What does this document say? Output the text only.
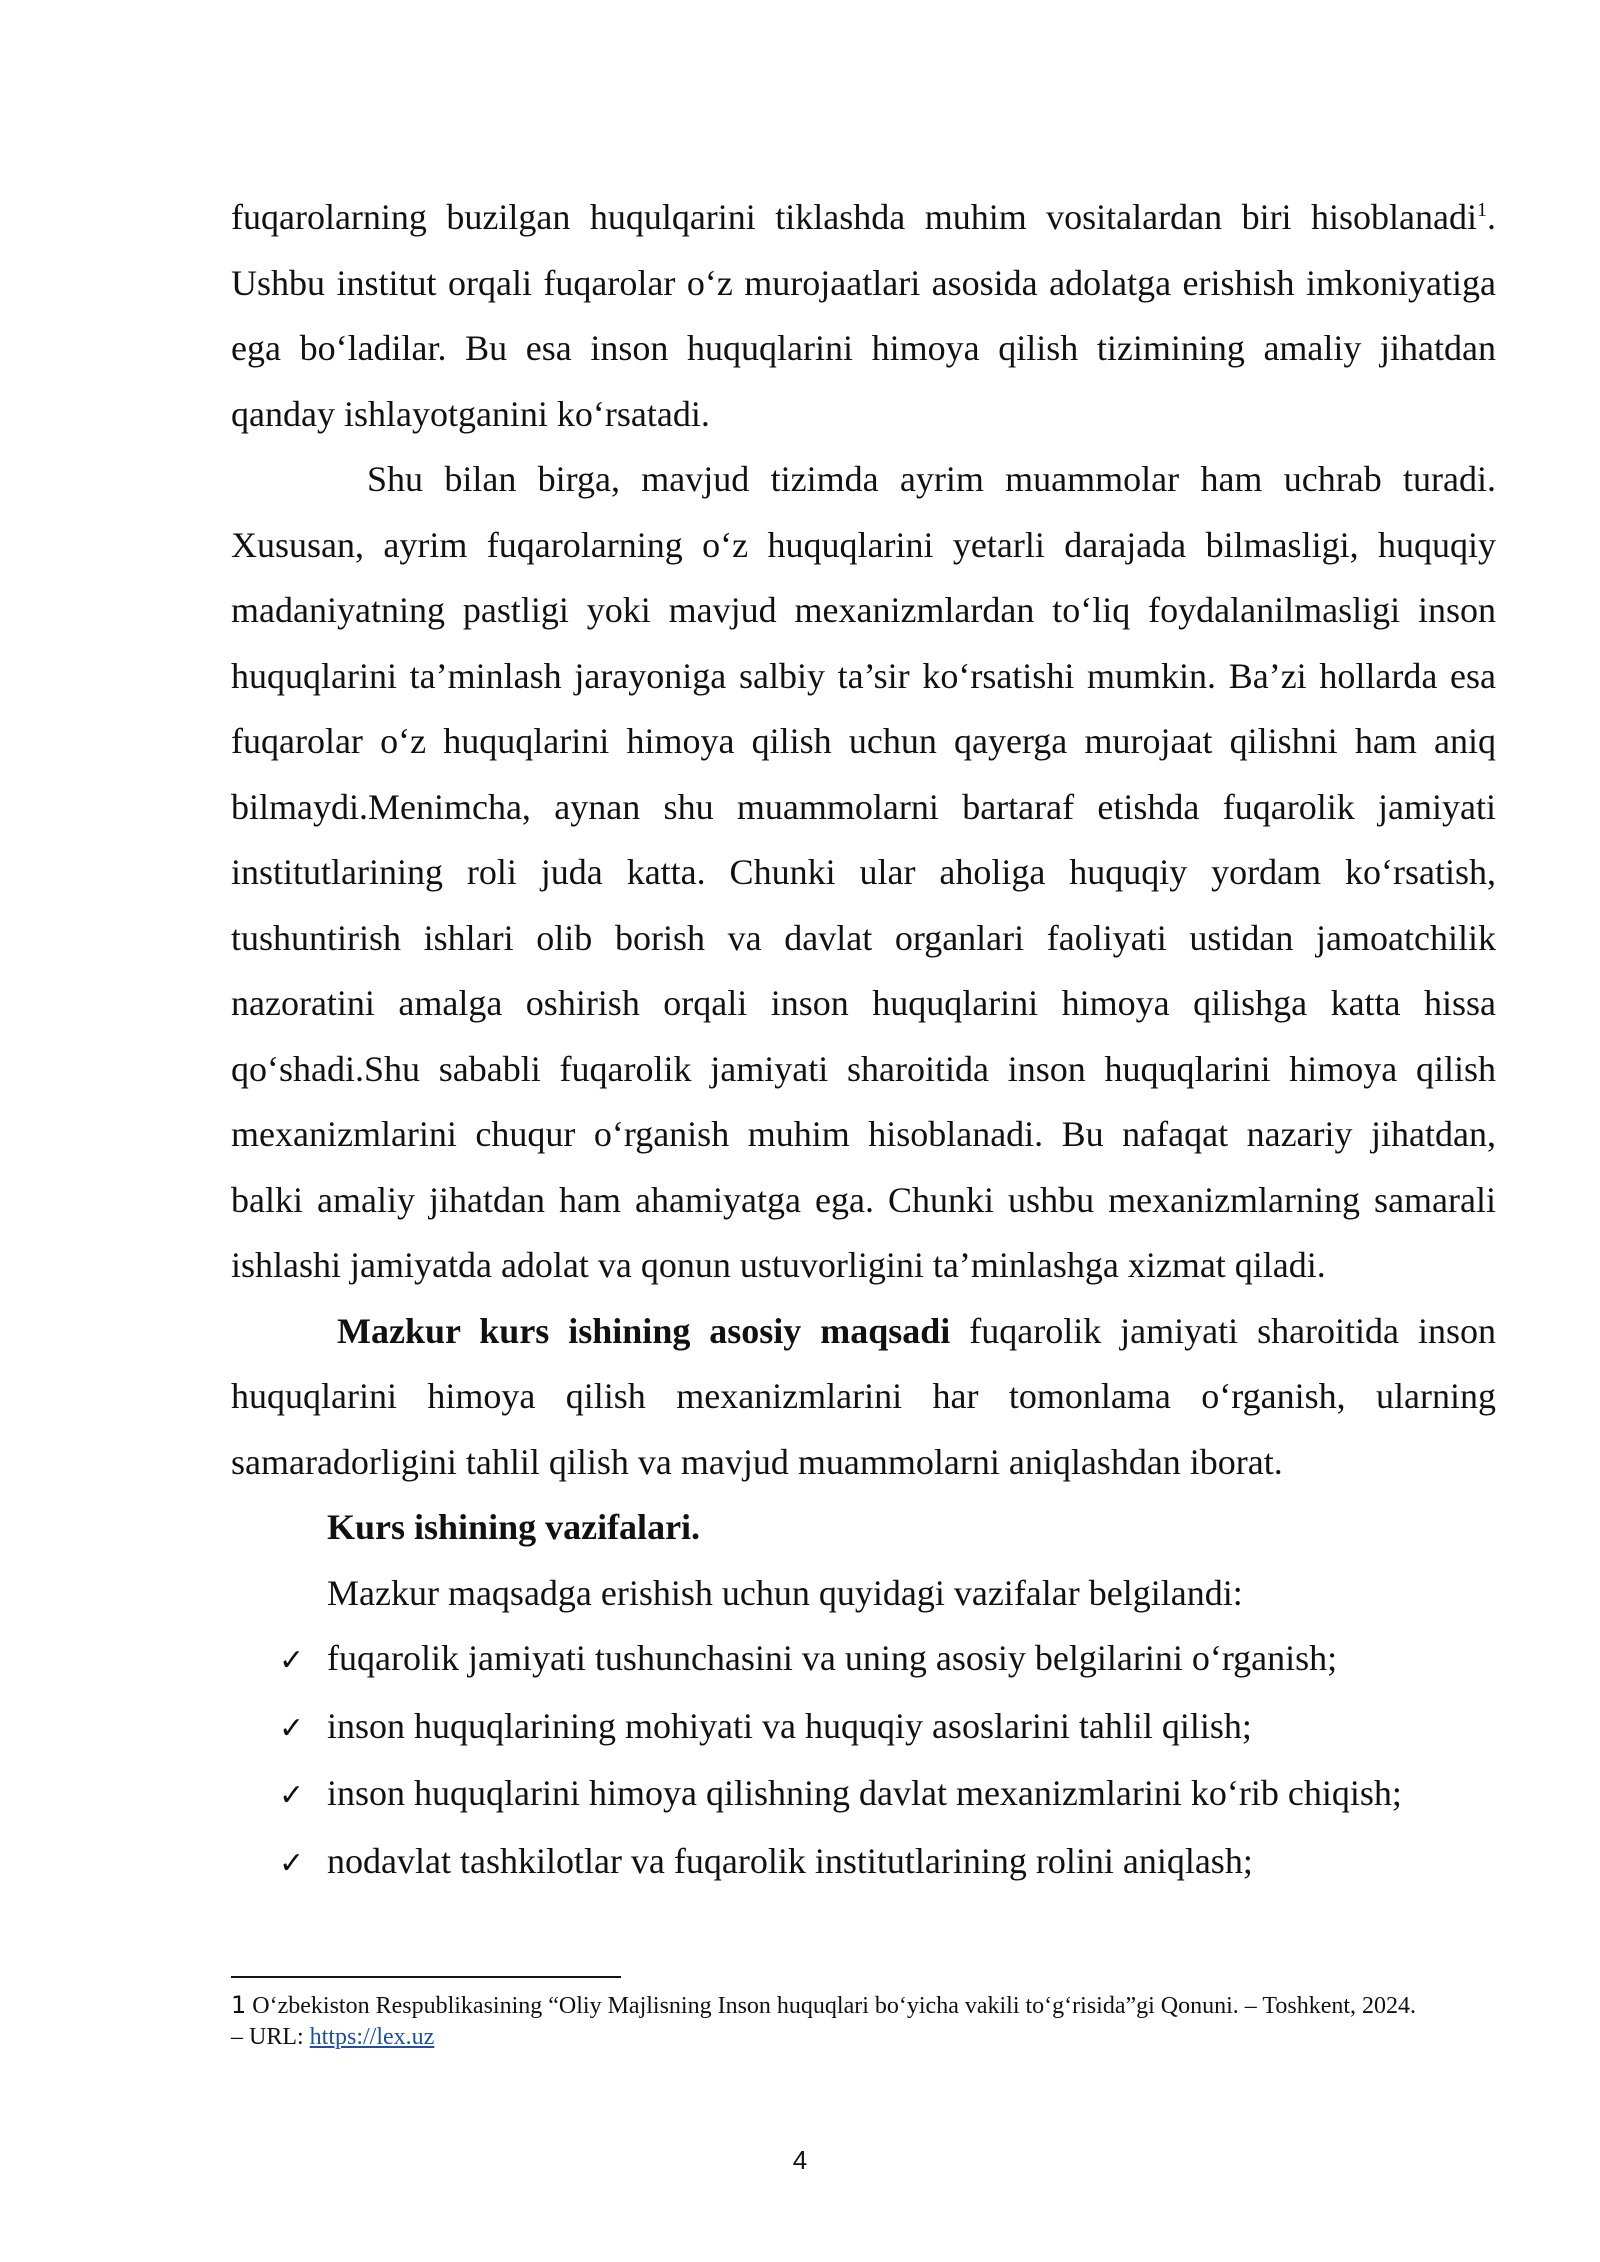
fuqarolarning buzilgan huqulqarini tiklashda muhim vositalardan biri hisoblanadi$^1$. Ushbu institut orqali fuqarolar o‘z murojaatlari asosida adolatga erishish imkoniyatiga ega bo‘ladilar. Bu esa inson huquqlarini himoya qilish tizimining amaliy jihatdan qanday ishlayotganini ko‘rsatadi.

Shu bilan birga, mavjud tizimda ayrim muammolar ham uchrab turadi. Xususan, ayrim fuqarolarning o‘z huquqlarini yetarli darajada bilmasligi, huquqiy madaniyatning pastligi yoki mavjud mexanizmlardan to‘liq foydalanilmasligi inson huquqlarini ta’minlash jarayoniga salbiy ta’sir ko‘rsatishi mumkin. Ba’zi hollarda esa fuqarolar o‘z huquqlarini himoya qilish uchun qayerga murojaat qilishni ham aniq bilmaydi.Menimcha, aynan shu muammolarni bartaraf etishda fuqarolik jamiyati institutlarining roli juda katta. Chunki ular aholiga huquqiy yordam ko‘rsatish, tushuntirish ishlari olib borish va davlat organlari faoliyati ustidan jamoatchilik nazoratini amalga oshirish orqali inson huquqlarini himoya qilishga katta hissa qo‘shadi.Shu sababli fuqarolik jamiyati sharoitida inson huquqlarini himoya qilish mexanizmlarini chuqur o‘rganish muhim hisoblanadi. Bu nafaqat nazariy jihatdan, balki amaliy jihatdan ham ahamiyatga ega. Chunki ushbu mexanizmlarning samarali ishlashi jamiyatda adolat va qonun ustuvorligini ta’minlashga xizmat qiladi.

Mazkur kurs ishining asosiy maqsadi fuqarolik jamiyati sharoitida inson huquqlarini himoya qilish mexanizmlarini har tomonlama o‘rganish, ularning samaradorligini tahlil qilish va mavjud muammolarni aniqlashdan iborat.

Kurs ishining vazifalari.

Mazkur maqsadga erishish uchun quyidagi vazifalar belgilandi:

✓ fuqarolik jamiyati tushunchasini va uning asosiy belgilarini o‘rganish;
✓ inson huquqlarining mohiyati va huquqiy asoslarini tahlil qilish;
✓ inson huquqlarini himoya qilishning davlat mexanizmlarini ko‘rib chiqish;
✓ nodavlat tashkilotlar va fuqarolik institutlarining rolini aniqlash;
1 O‘zbekiston Respublikasining “Oliy Majlisning Inson huquqlari bo‘yicha vakili to‘g‘risida”gi Qonuni. – Toshkent, 2024. – URL: https://lex.uz
4
